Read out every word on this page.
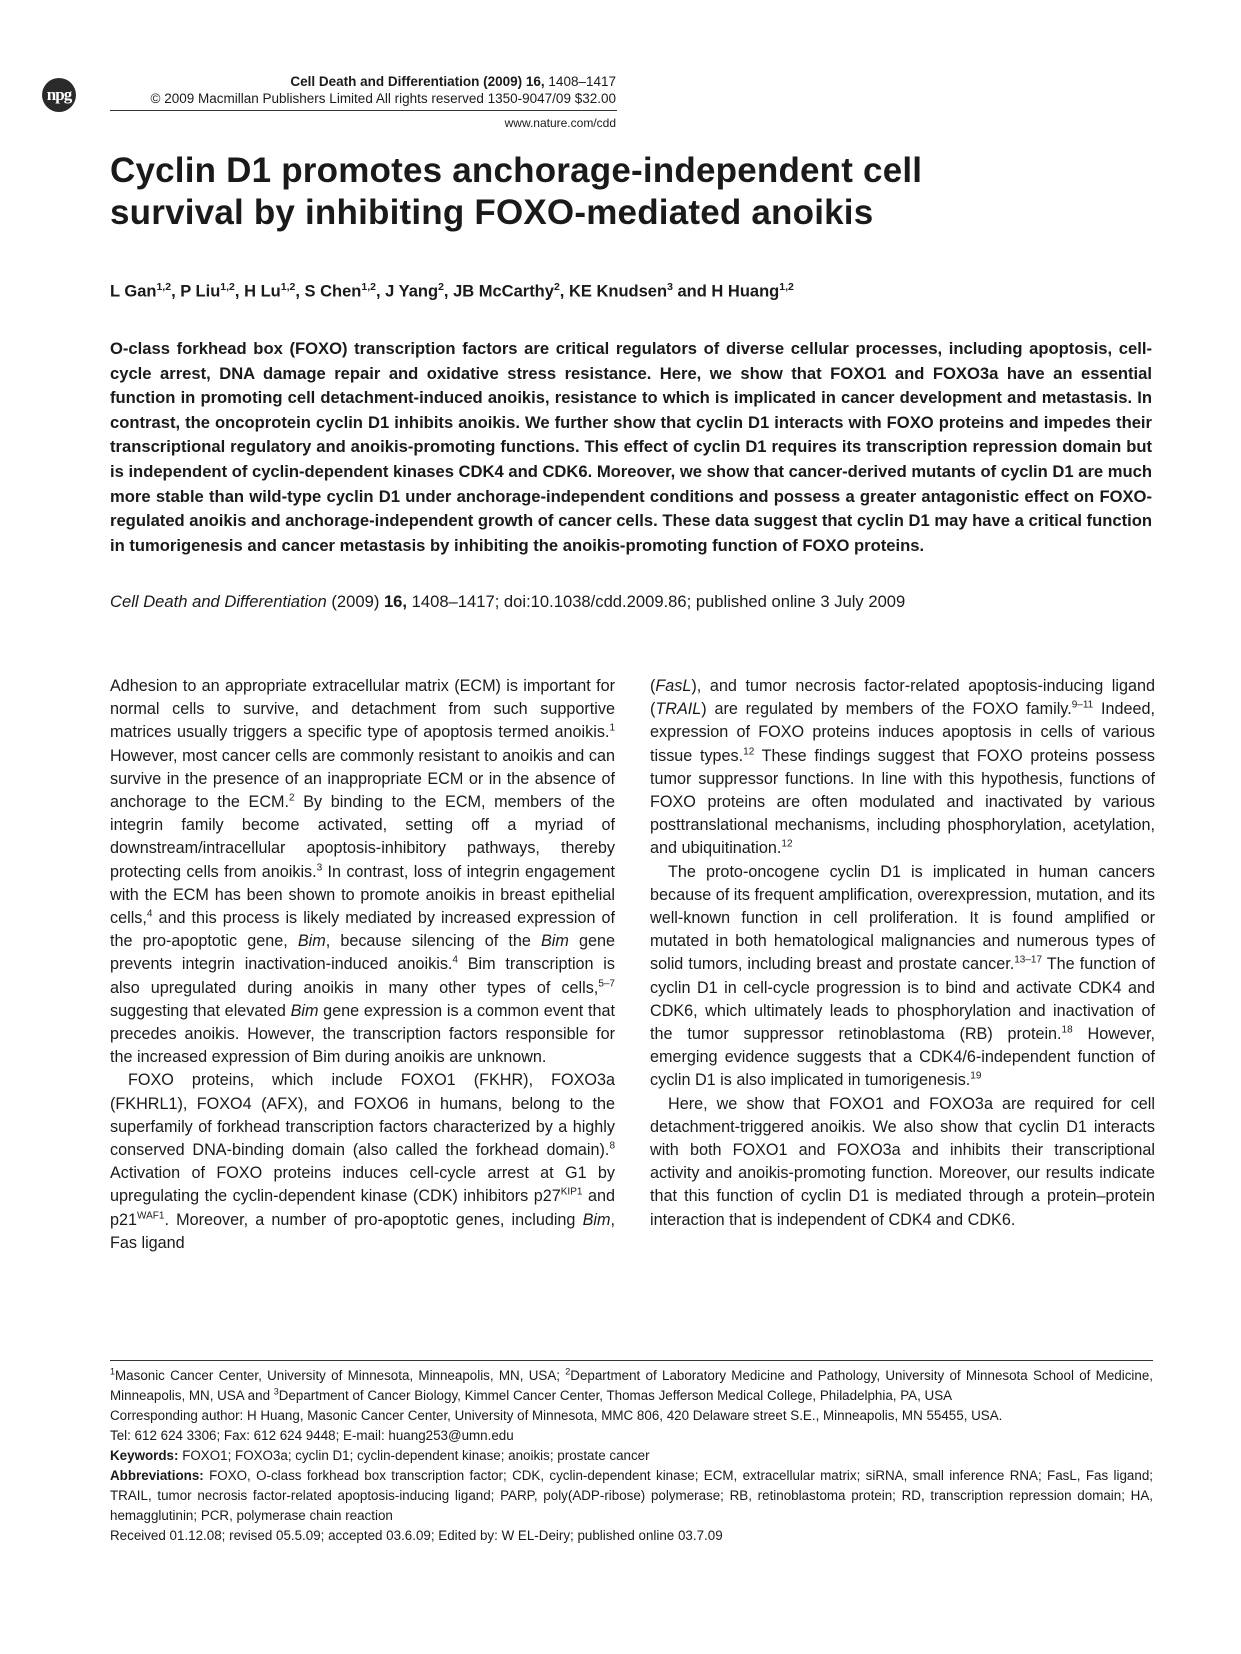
npg
Cell Death and Differentiation (2009) 16, 1408–1417
© 2009 Macmillan Publishers Limited All rights reserved 1350-9047/09 $32.00
www.nature.com/cdd
Cyclin D1 promotes anchorage-independent cell
survival by inhibiting FOXO-mediated anoikis
L Gan$^{1,2}$, P Liu$^{1,2}$, H Lu$^{1,2}$, S Chen$^{1,2}$, J Yang$^2$, JB McCarthy$^2$, KE Knudsen$^3$ and H Huang$^{1,2}$

O-class forkhead box (FOXO) transcription factors are critical regulators of diverse cellular processes, including apoptosis, cell-cycle arrest, DNA damage repair and oxidative stress resistance. Here, we show that FOXO1 and FOXO3a have an essential function in promoting cell detachment-induced anoikis, resistance to which is implicated in cancer development and metastasis. In contrast, the oncoprotein cyclin D1 inhibits anoikis. We further show that cyclin D1 interacts with FOXO proteins and impedes their transcriptional regulatory and anoikis-promoting functions. This effect of cyclin D1 requires its transcription repression domain but is independent of cyclin-dependent kinases CDK4 and CDK6. Moreover, we show that cancer-derived mutants of cyclin D1 are much more stable than wild-type cyclin D1 under anchorage-independent conditions and possess a greater antagonistic effect on FOXO-regulated anoikis and anchorage-independent growth of cancer cells. These data suggest that cyclin D1 may have a critical function in tumorigenesis and cancer metastasis by inhibiting the anoikis-promoting function of FOXO proteins.

Cell Death and Differentiation (2009) 16, 1408–1417; doi:10.1038/cdd.2009.86; published online 3 July 2009

Adhesion to an appropriate extracellular matrix (ECM) is important for normal cells to survive, and detachment from such supportive matrices usually triggers a specific type of apoptosis termed anoikis.$^1$ However, most cancer cells are commonly resistant to anoikis and can survive in the presence of an inappropriate ECM or in the absence of anchorage to the ECM.$^2$ By binding to the ECM, members of the integrin family become activated, setting off a myriad of downstream/intracellular apoptosis-inhibitory pathways, thereby protecting cells from anoikis.$^3$ In contrast, loss of integrin engagement with the ECM has been shown to promote anoikis in breast epithelial cells,$^4$ and this process is likely mediated by increased expression of the pro-apoptotic gene, Bim, because silencing of the Bim gene prevents integrin inactivation-induced anoikis.$^4$ Bim transcription is also upregulated during anoikis in many other types of cells,$^{5-7}$ suggesting that elevated Bim gene expression is a common event that precedes anoikis. However, the transcription factors responsible for the increased expression of Bim during anoikis are unknown.

FOXO proteins, which include FOXO1 (FKHR), FOXO3a (FKHRL1), FOXO4 (AFX), and FOXO6 in humans, belong to the superfamily of forkhead transcription factors characterized by a highly conserved DNA-binding domain (also called the forkhead domain).$^8$ Activation of FOXO proteins induces cell-cycle arrest at G1 by upregulating the cyclin-dependent kinase (CDK) inhibitors $p27^{KIP1}$ and $p21^{WAF1}$. Moreover, a number of pro-apoptotic genes, including Bim, Fas ligand

(FasL), and tumor necrosis factor-related apoptosis-inducing ligand (TRAIL) are regulated by members of the FOXO family.$^{9-11}$ Indeed, expression of FOXO proteins induces apoptosis in cells of various tissue types.$^{12}$ These findings suggest that FOXO proteins possess tumor suppressor functions. In line with this hypothesis, functions of FOXO proteins are often modulated and inactivated by various posttranslational mechanisms, including phosphorylation, acetylation, and ubiquitination.$^{12}$

The proto-oncogene cyclin D1 is implicated in human cancers because of its frequent amplification, overexpression, mutation, and its well-known function in cell proliferation. It is found amplified or mutated in both hematological malignancies and numerous types of solid tumors, including breast and prostate cancer.$^{13-17}$ The function of cyclin D1 in cell-cycle progression is to bind and activate CDK4 and CDK6, which ultimately leads to phosphorylation and inactivation of the tumor suppressor retinoblastoma (RB) protein.$^{18}$ However, emerging evidence suggests that a CDK4/6-independent function of cyclin D1 is also implicated in tumorigenesis.$^{19}$

Here, we show that FOXO1 and FOXO3a are required for cell detachment-triggered anoikis. We also show that cyclin D1 interacts with both FOXO1 and FOXO3a and inhibits their transcriptional activity and anoikis-promoting function. Moreover, our results indicate that this function of cyclin D1 is mediated through a protein–protein interaction that is independent of CDK4 and CDK6.

$^1$Masonic Cancer Center, University of Minnesota, Minneapolis, MN, USA; $^2$Department of Laboratory Medicine and Pathology, University of Minnesota School of Medicine, Minneapolis, MN, USA and $^3$Department of Cancer Biology, Kimmel Cancer Center, Thomas Jefferson Medical College, Philadelphia, PA, USA

Corresponding author: H Huang, Masonic Cancer Center, University of Minnesota, MMC 806, 420 Delaware street S.E., Minneapolis, MN 55455, USA.

Tel: 612 624 3306; Fax: 612 624 9448; E-mail: huang253@umn.edu

Keywords: FOXO1; FOXO3a; cyclin D1; cyclin-dependent kinase; anoikis; prostate cancer

Abbreviations: FOXO, O-class forkhead box transcription factor; CDK, cyclin-dependent kinase; ECM, extracellular matrix; siRNA, small inference RNA; FasL, Fas ligand; TRAIL, tumor necrosis factor-related apoptosis-inducing ligand; PARP, poly(ADP-ribose) polymerase; RB, retinoblastoma protein; RD, transcription repression domain; HA, hemagglutinin; PCR, polymerase chain reaction

Received 01.12.08; revised 05.5.09; accepted 03.6.09; Edited by: W EL-Deiry; published online 03.7.09
